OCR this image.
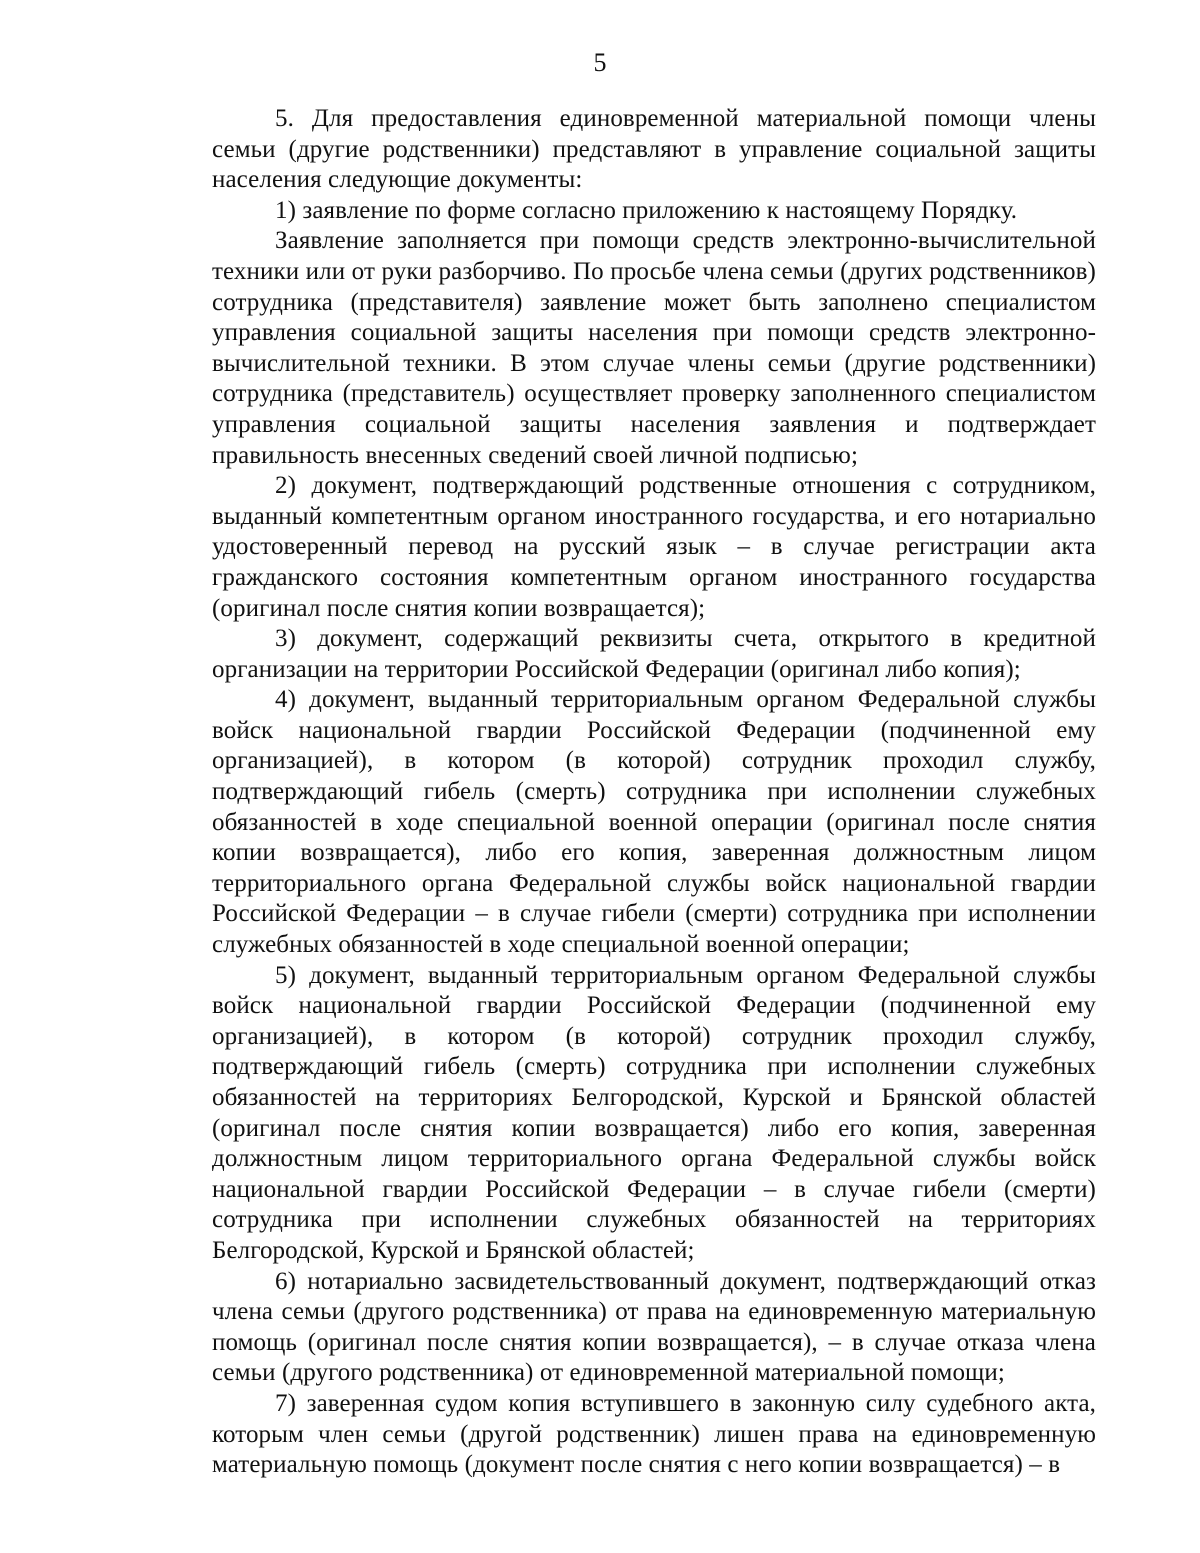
5

5. Для предоставления единовременной материальной помощи члены семьи (другие родственники) представляют в управление социальной защиты населения следующие документы:

1) заявление по форме согласно приложению к настоящему Порядку.

Заявление заполняется при помощи средств электронно-вычислительной техники или от руки разборчиво. По просьбе члена семьи (других родственников) сотрудника (представителя) заявление может быть заполнено специалистом управления социальной защиты населения при помощи средств электронно-вычислительной техники. В этом случае члены семьи (другие родственники) сотрудника (представитель) осуществляет проверку заполненного специалистом управления социальной защиты населения заявления и подтверждает правильность внесенных сведений своей личной подписью;

2) документ, подтверждающий родственные отношения с сотрудником, выданный компетентным органом иностранного государства, и его нотариально удостоверенный перевод на русский язык – в случае регистрации акта гражданского состояния компетентным органом иностранного государства (оригинал после снятия копии возвращается);

3) документ, содержащий реквизиты счета, открытого в кредитной организации на территории Российской Федерации (оригинал либо копия);

4) документ, выданный территориальным органом Федеральной службы войск национальной гвардии Российской Федерации (подчиненной ему организацией), в котором (в которой) сотрудник проходил службу, подтверждающий гибель (смерть) сотрудника при исполнении служебных обязанностей в ходе специальной военной операции (оригинал после снятия копии возвращается), либо его копия, заверенная должностным лицом территориального органа Федеральной службы войск национальной гвардии Российской Федерации – в случае гибели (смерти) сотрудника при исполнении служебных обязанностей в ходе специальной военной операции;

5) документ, выданный территориальным органом Федеральной службы войск национальной гвардии Российской Федерации (подчиненной ему организацией), в котором (в которой) сотрудник проходил службу, подтверждающий гибель (смерть) сотрудника при исполнении служебных обязанностей на территориях Белгородской, Курской и Брянской областей (оригинал после снятия копии возвращается) либо его копия, заверенная должностным лицом территориального органа Федеральной службы войск национальной гвардии Российской Федерации – в случае гибели (смерти) сотрудника при исполнении служебных обязанностей на территориях Белгородской, Курской и Брянской областей;

6) нотариально засвидетельствованный документ, подтверждающий отказ члена семьи (другого родственника) от права на единовременную материальную помощь (оригинал после снятия копии возвращается), – в случае отказа члена семьи (другого родственника) от единовременной материальной помощи;

7) заверенная судом копия вступившего в законную силу судебного акта, которым член семьи (другой родственник) лишен права на единовременную материальную помощь (документ после снятия с него копии возвращается) – в
